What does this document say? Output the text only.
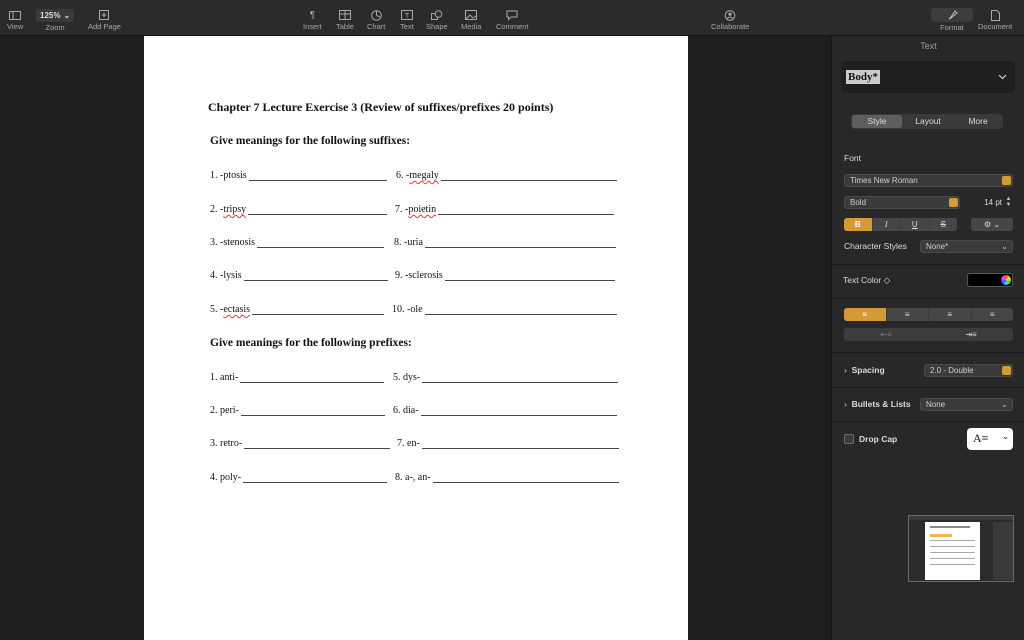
View
125% ⌄
Zoom	Add Page
¶
Insert Table Chart
T
Text Shape Media Comment	Collaborate	Format Document
Chapter 7 Lecture Exercise 3 (Review of suffixes/prefixes 20 points)
Give meanings for the following suffixes:
1. -ptosis	6. - megaly
2. - tripsy	7. - poietin
3. -stenosis	8. -uria
4. -lysis	9. -sclerosis
5. - ectasis	10. -ole
Give meanings for the following prefixes:
1. anti-	5. dys-
2. peri-	6. dia-
3. retro-	7. en-
4. poly-	8. a-, an-
Text
Body*
Style	Layout	More
Font
Times New Roman
Bold	14 pt ▲
▼
B	I	U	S	⚙ ⌄
Character Styles	None*	⌄
Text Color ◇
≡	≡	≡	≡
⇤≡	⇥≡
› Spacing	2.0 - Double
› Bullets & Lists	None	⌄
Drop Cap	A≡ ⌄
